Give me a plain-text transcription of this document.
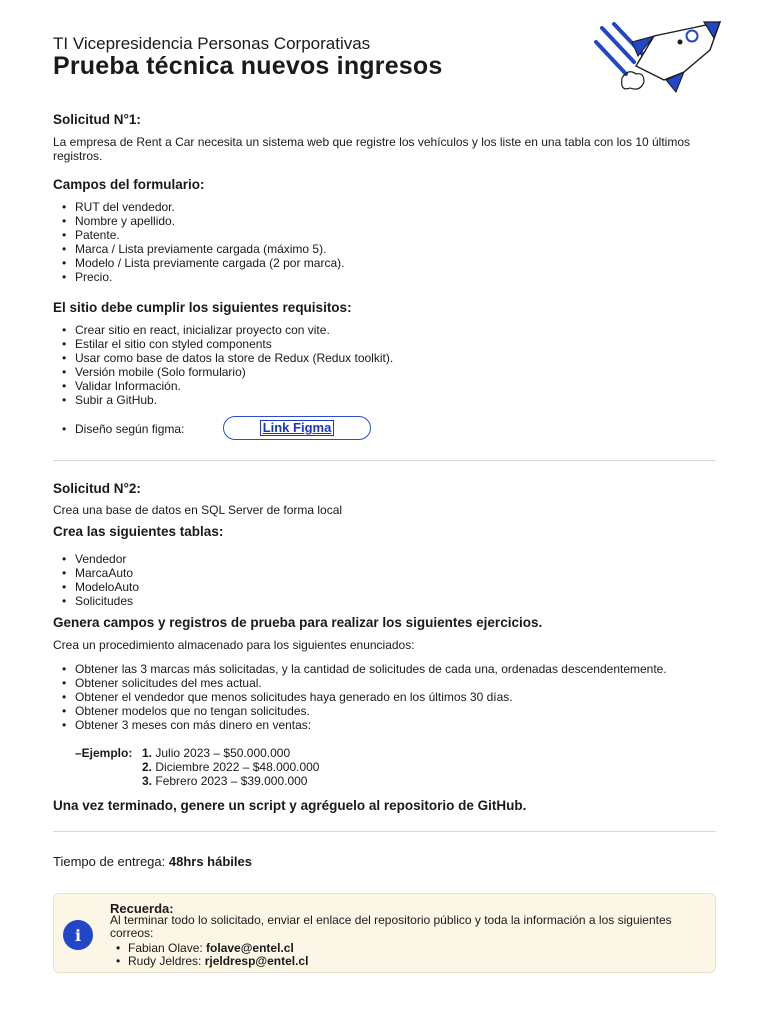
TI Vicepresidencia Personas Corporativas
Prueba técnica nuevos ingresos
Solicitud N°1:
La empresa de Rent a Car necesita un sistema web que registre los vehículos y los liste en una tabla con los 10 últimos registros.
Campos del formulario:
• RUT del vendedor.
• Nombre y apellido.
• Patente.
• Marca / Lista previamente cargada (máximo 5).
• Modelo / Lista previamente cargada (2 por marca).
• Precio.
El sitio debe cumplir los siguientes requisitos:
• Crear sitio en react, inicializar proyecto con vite.
• Estilar el sitio con styled components
• Usar como base de datos la store de Redux (Redux toolkit).
• Versión mobile (Solo formulario)
• Validar Información.
• Subir a GitHub.
• Diseño según figma:	Link Figma
Solicitud N°2:
Crea una base de datos en SQL Server de forma local
Crea las siguientes tablas:
• Vendedor
• MarcaAuto
• ModeloAuto
• Solicitudes
Genera campos y registros de prueba para realizar los siguientes ejercicios.
Crea un procedimiento almacenado para los siguientes enunciados:
• Obtener las 3 marcas más solicitadas, y la cantidad de solicitudes de cada una, ordenadas descendentemente.
• Obtener solicitudes del mes actual.
• Obtener el vendedor que menos solicitudes haya generado en los últimos 30 días.
• Obtener modelos que no tengan solicitudes.
• Obtener 3 meses con más dinero en ventas:
–Ejemplo: 1. Julio 2023 – $50.000.000
2. Diciembre 2022 – $48.000.000
3. Febrero 2023 – $39.000.000
Una vez terminado, genere un script y agréguelo al repositorio de GitHub.
Tiempo de entrega: 48hrs hábiles
i
Recuerda:
Al terminar todo lo solicitado, enviar el enlace del repositorio público y toda la información a los siguientes correos:
• Fabian Olave: folave@entel.cl
• Rudy Jeldres: rjeldresp@entel.cl
